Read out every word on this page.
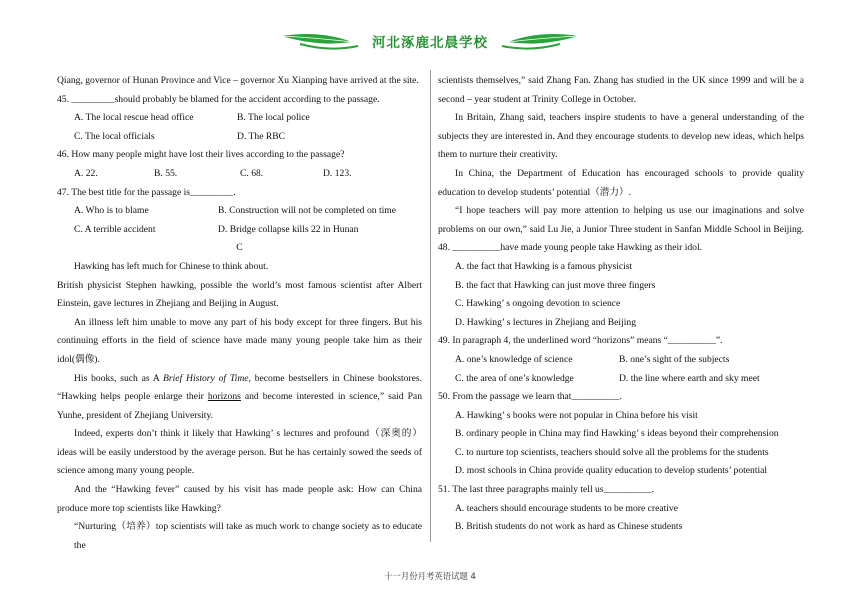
河北涿鹿北晨学校
Qiang, governor of Hunan Province and Vice – governor Xu Xianping have arrived at the site.
45. _________should probably be blamed for the accident according to the passage.
A. The local rescue head office	B. The local police
C. The local officials	D. The RBC
46. How many people might have lost their lives according to the passage?
A. 22.	B. 55.	C. 68.	D. 123.
47. The best title for the passage is_________.
A. Who is to blame	B. Construction will not be completed on time
C. A terrible accident	D. Bridge collapse kills 22 in Hunan
C
Hawking has left much for Chinese to think about.
British physicist Stephen hawking, possible the world’s most famous scientist after Albert
Einstein, gave lectures in Zhejiang and Beijing in August.
An illness left him unable to move any part of his body except for three fingers. But his
continuing efforts in the field of science have made many young people take him as their
idol(偶像).
His books, such as A Brief History of Time, become bestsellers in Chinese bookstores.
“Hawking helps people enlarge their horizons and become interested in science,” said Pan
Yunhe, president of Zhejiang University.
Indeed, experts don’t think it likely that Hawking’ s lectures and profound（深奥的）
ideas will be easily understood by the average person. But he has certainly sowed the seeds of
science among many young people.
And the “Hawking fever” caused by his visit has made people ask: How can China
produce more top scientists like Hawking?
“Nurturing（培养）top scientists will take as much work to change society as to educate the
scientists themselves,” said Zhang Fan. Zhang has studied in the UK since 1999 and will be a
second – year student at Trinity College in October.
In Britain, Zhang said, teachers inspire students to have a general understanding of the
subjects they are interested in. And they encourage students to develop new ideas, which helps
them to nurture their creativity.
In China, the Department of Education has encouraged schools to provide quality
education to develop students’ potential（潜力）.
“I hope teachers will pay more attention to helping us use our imaginations and solve
problems on our own,” said Lu Jie, a Junior Three student in Sanfan Middle School in Beijing.
48. __________have made young people take Hawking as their idol.
A. the fact that Hawking is a famous physicist
B. the fact that Hawking can just move three fingers
C. Hawking’ s ongoing devotion to science
D. Hawking’ s lectures in Zhejiang and Beijing
49. In paragraph 4, the underlined word “horizons” means “__________”.
A. one’s knowledge of science	B. one’s sight of the subjects
C. the area of one’s knowledge	D. the line where earth and sky meet
50. From the passage we learn that__________.
A. Hawking’ s books were not popular in China before his visit
B. ordinary people in China may find Hawking’ s ideas beyond their comprehension
C. to nurture top scientists, teachers should solve all the problems for the students
D. most schools in China provide quality education to develop students’ potential
51. The last three paragraphs mainly tell us__________.
A. teachers should encourage students to be more creative
B. British students do not work as hard as Chinese students
十一月份月考英语试题 4
